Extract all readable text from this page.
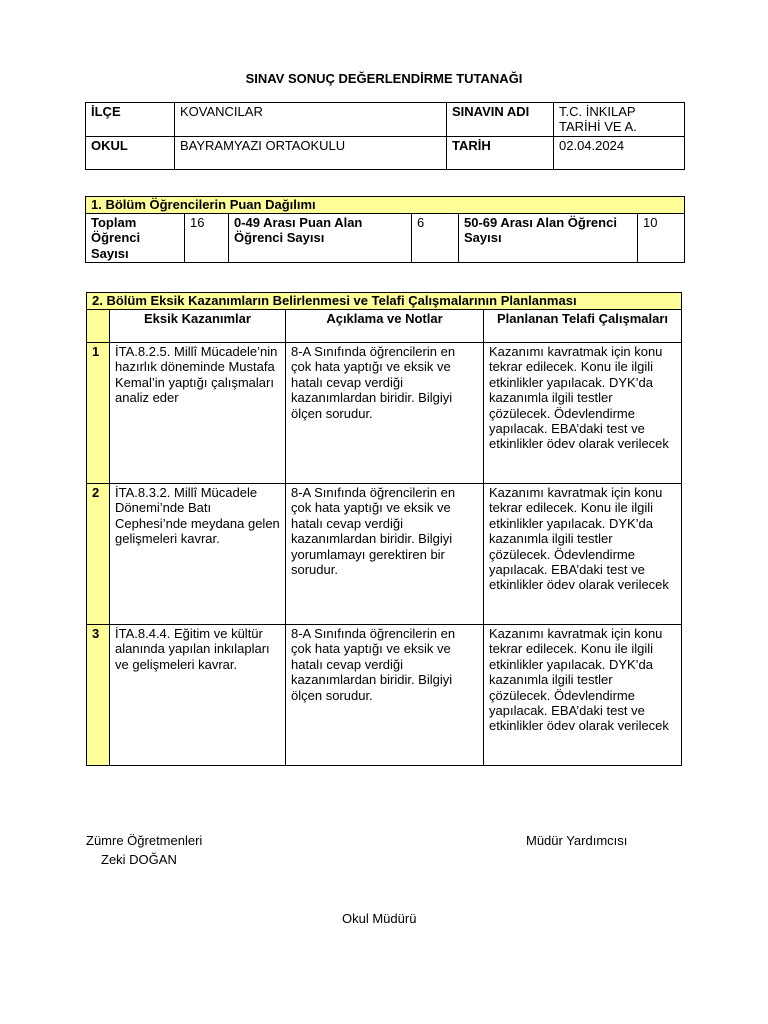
SINAV SONUÇ DEĞERLENDİRME TUTANAĞI
İLÇE	KOVANCILAR	SINAVIN ADI	T.C. İNKILAP TARİHİ VE A.
OKUL	BAYRAMYAZI ORTAOKULU	TARİH	02.04.2024
1. Bölüm Öğrencilerin Puan Dağılımı
Toplam Öğrenci Sayısı	16	0-49 Arası Puan Alan Öğrenci Sayısı	6	50-69 Arası Alan Öğrenci Sayısı	10
2. Bölüm Eksik Kazanımların Belirlenmesi ve Telafi Çalışmalarının Planlanması			
	Eksik Kazanımlar	Açıklama ve Notlar	Planlanan Telafi Çalışmaları
1	İTA.8.2.5. Millî Mücadele’nin hazırlık döneminde Mustafa Kemal’in yaptığı çalışmaları analiz eder	8-A Sınıfında öğrencilerin en çok hata yaptığı ve eksik ve hatalı cevap verdiği kazanımlardan biridir. Bilgiyi ölçen sorudur.	Kazanımı kavratmak için konu tekrar edilecek. Konu ile ilgili etkinlikler yapılacak. DYK’da kazanımla ilgili testler çözülecek. Ödevlendirme yapılacak. EBA’daki test ve etkinlikler ödev olarak verilecek
2	İTA.8.3.2. Millî Mücadele Dönemi’nde Batı Cephesi’nde meydana gelen gelişmeleri kavrar.	8-A Sınıfında öğrencilerin en çok hata yaptığı ve eksik ve hatalı cevap verdiği kazanımlardan biridir. Bilgiyi yorumlamayı gerektiren bir sorudur.	Kazanımı kavratmak için konu tekrar edilecek. Konu ile ilgili etkinlikler yapılacak. DYK’da kazanımla ilgili testler çözülecek. Ödevlendirme yapılacak. EBA’daki test ve etkinlikler ödev olarak verilecek
3	İTA.8.4.4. Eğitim ve kültür alanında yapılan inkılapları ve gelişmeleri kavrar.	8-A Sınıfında öğrencilerin en çok hata yaptığı ve eksik ve hatalı cevap verdiği kazanımlardan biridir. Bilgiyi ölçen sorudur.	Kazanımı kavratmak için konu tekrar edilecek. Konu ile ilgili etkinlikler yapılacak. DYK’da kazanımla ilgili testler çözülecek. Ödevlendirme yapılacak. EBA’daki test ve etkinlikler ödev olarak verilecek
Zümre Öğretmenleri
Zeki DOĞAN
Müdür Yardımcısı
Okul Müdürü
